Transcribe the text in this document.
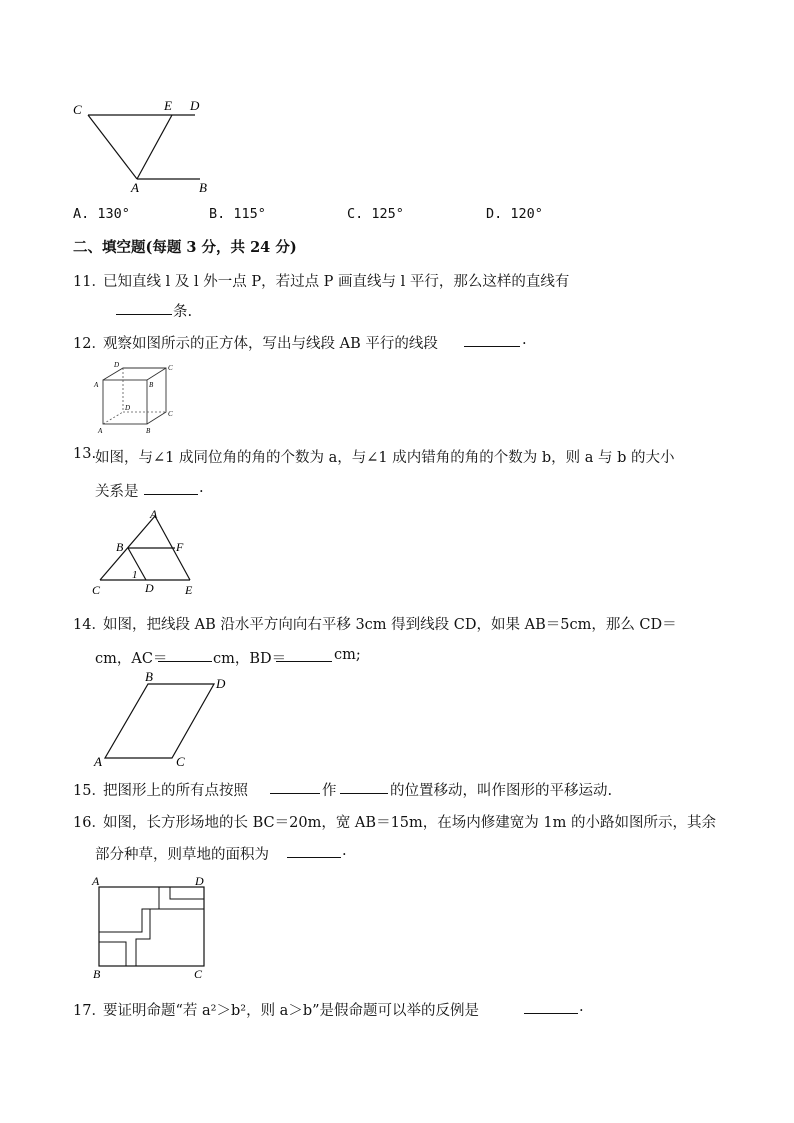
C	E D
A	B
A. 130°	B. 115°	C. 125°	D. 120°
二、填空题(每题 3 分，共 24 分)
11．
已知直线 l 及 l 外一点 P，若过点 P 画直线与 l 平行，那么这样的直线有
条.
12．
观察如图所示的正方体，写出与线段 AB 平行的线段	.
D	C
A	B
D
C
A	B
13.
如图，与∠1 成同位角的角的个数为 a，与∠1 成内错角的角的个数为 b，则 a 与 b 的大小
关系是	.
A
B	F
1
C	D	E
14．
如图，把线段 AB 沿水平方向向右平移 3cm 得到线段 CD，如果 AB＝5cm，那么 CD＝
cm，AC＝	cm，BD＝	cm;
B	D
A	C
15．
把图形上的所有点按照	作	的位置移动，叫作图形的平移运动.
16．
如图，长方形场地的长 BC＝20m，宽 AB＝15m，在场内修建宽为 1m 的小路如图所示，其余
部分种草，则草地的面积为	.
A	D
B	C
17．
要证明命题“若 a²＞b²，则 a＞b”是假命题可以举的反例是	.
